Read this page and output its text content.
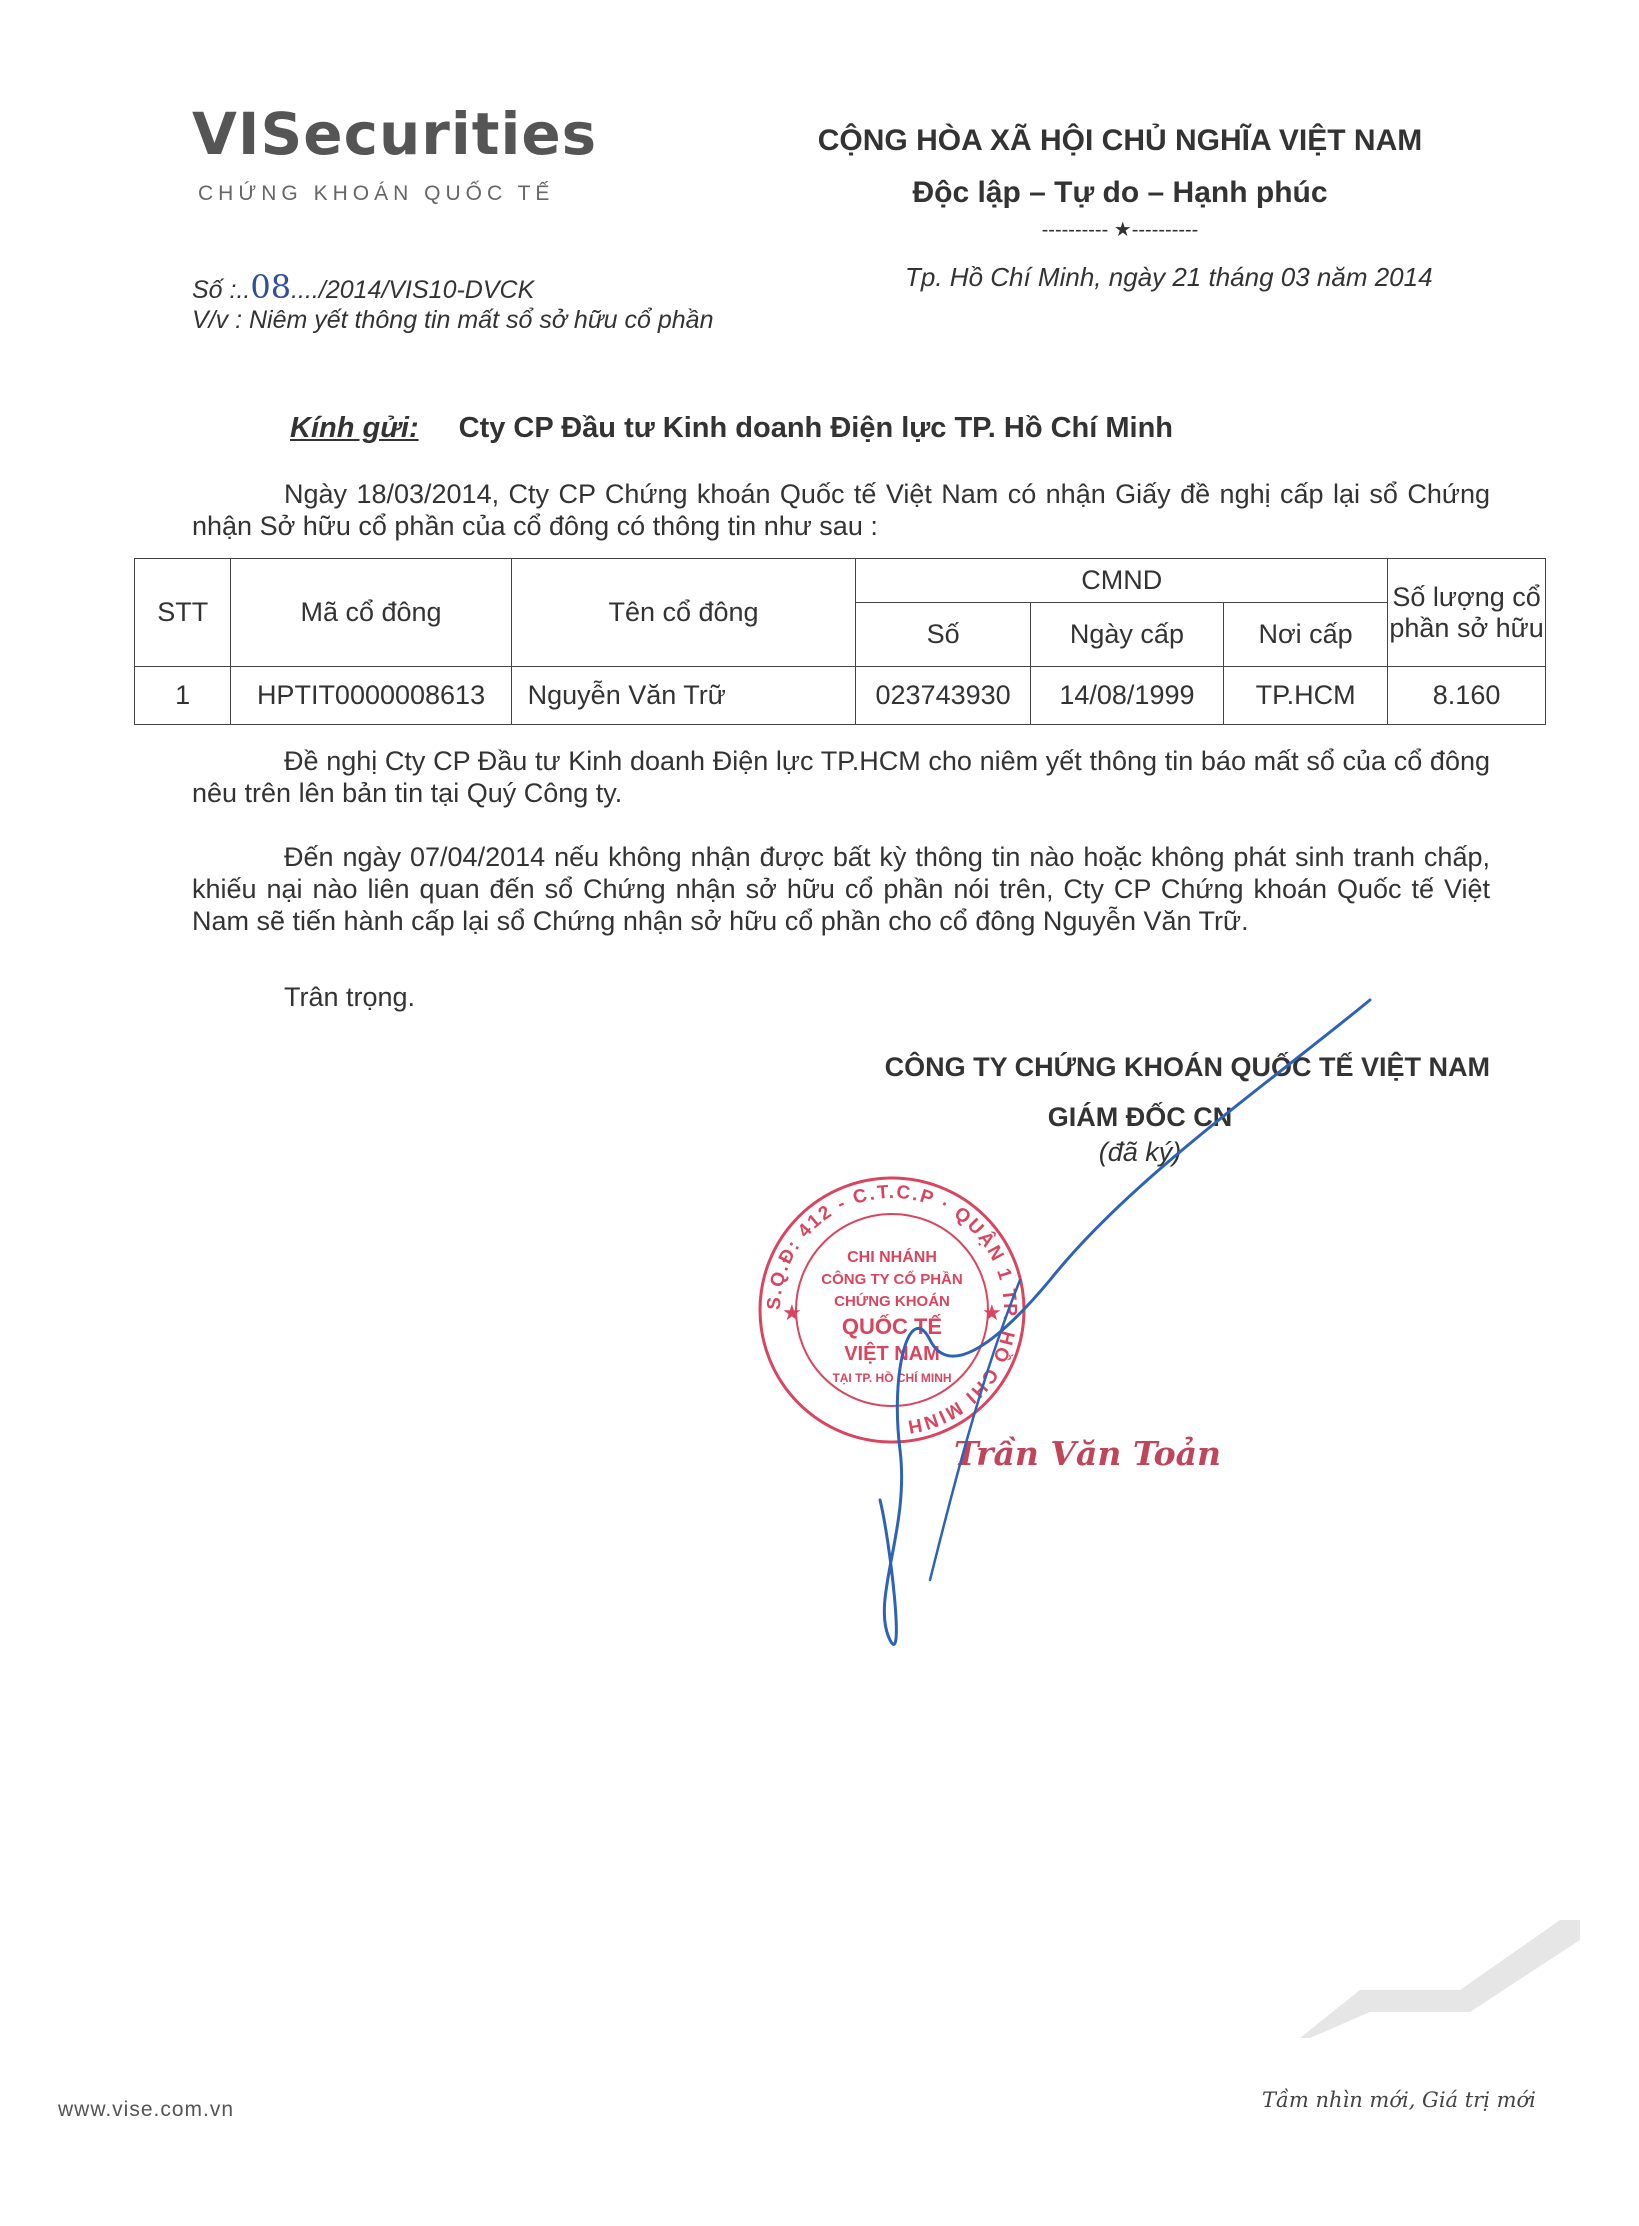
VISecurities
CHỨNG KHOÁN QUỐC TẾ
CỘNG HÒA XÃ HỘI CHỦ NGHĨA VIỆT NAM
Độc lập – Tự do – Hạnh phúc
---------- ★----------
Số :..08..../2014/VIS10-DVCK
V/v : Niêm yết thông tin mất sổ sở hữu cổ phần
Tp. Hồ Chí Minh, ngày 21 tháng 03 năm 2014
Kính gửi: Cty CP Đầu tư Kinh doanh Điện lực TP. Hồ Chí Minh
Ngày 18/03/2014, Cty CP Chứng khoán Quốc tế Việt Nam có nhận Giấy đề nghị cấp lại sổ Chứng nhận Sở hữu cổ phần của cổ đông có thông tin như sau :
STT	Mã cổ đông	Tên cổ đông	CMND			Số lượng cổ phần sở hữu
			Số	Ngày cấp	Nơi cấp	
1	HPTIT0000008613	Nguyễn Văn Trữ	023743930	14/08/1999	TP.HCM	8.160
Đề nghị Cty CP Đầu tư Kinh doanh Điện lực TP.HCM cho niêm yết thông tin báo mất sổ của cổ đông nêu trên lên bản tin tại Quý Công ty.
Đến ngày 07/04/2014 nếu không nhận được bất kỳ thông tin nào hoặc không phát sinh tranh chấp, khiếu nại nào liên quan đến sổ Chứng nhận sở hữu cổ phần nói trên, Cty CP Chứng khoán Quốc tế Việt Nam sẽ tiến hành cấp lại sổ Chứng nhận sở hữu cổ phần cho cổ đông Nguyễn Văn Trữ.
Trân trọng.
CÔNG TY CHỨNG KHOÁN QUỐC TẾ VIỆT NAM
GIÁM ĐỐC CN
(đã ký)
S.Q.Đ: 412 - C.T.C.P · QUẬN 1 TP. HỒ CHÍ MINH
★	★
CHI NHÁNH
CÔNG TY CỔ PHẦN
CHỨNG KHOÁN
QUỐC TẾ
VIỆT NAM
TẠI TP. HỒ CHÍ MINH
Trần Văn Toản
www.vise.com.vn	Tầm nhìn mới, Giá trị mới
